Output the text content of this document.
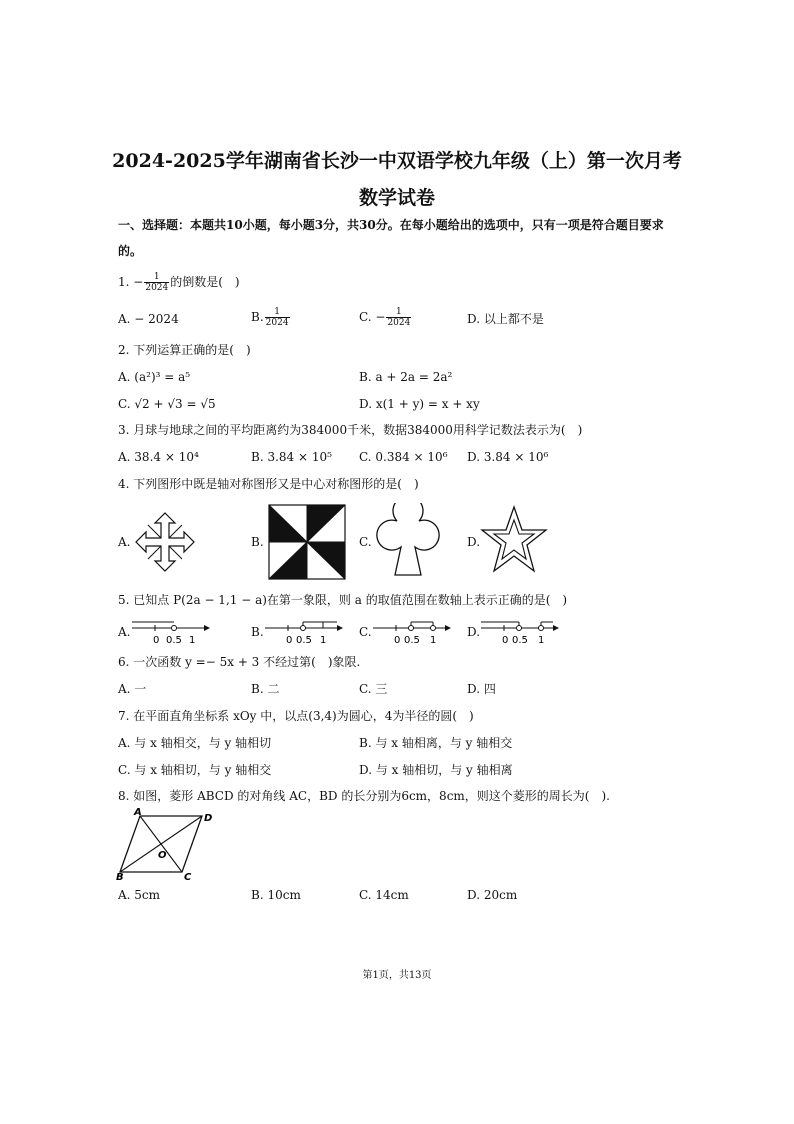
2024-2025学年湖南省长沙一中双语学校九年级（上）第一次月考
数学试卷
一、选择题：本题共10小题，每小题3分，共30分。在每小题给出的选项中，只有一项是符合题目要求
的。
1. − $\frac{1}{2024}$ 的倒数是(　)
A. − 2024	B. $\frac{1}{2024}$	C. − $\frac{1}{2024}$	D. 以上都不是
2. 下列运算正确的是(　)
A. (a²)³ = a⁵	B. a + 2a = 2a²
C. √2 + √3 = √5	D. x(1 + y) = x + xy
3. 月球与地球之间的平均距离约为384000千米，数据384000用科学记数法表示为(　)
A. 38.4 × 10⁴	B. 3.84 × 10⁵ C. 0.384 × 10⁶ D. 3.84 × 10⁶
4. 下列图形中既是轴对称图形又是中心对称图形的是(　)
A.	B.	C.	D.
5. 已知点 P(2a − 1,1 − a)在第一象限，则 a 的取值范围在数轴上表示正确的是(　)
A.
0 0.5 1
B.
0 0.5 1
C.
0 0.5 1
D.
0 0.5 1
6. 一次函数 y =− 5x + 3 不经过第(　)象限.
A. 一	B. 二	C. 三	D. 四
7. 在平面直角坐标系 xOy 中，以点(3,4)为圆心，4为半径的圆(　)
A. 与 x 轴相交，与 y 轴相切	B. 与 x 轴相离，与 y 轴相交
C. 与 x 轴相切，与 y 轴相交	D. 与 x 轴相切，与 y 轴相离
8. 如图，菱形 ABCD 的对角线 AC，BD 的长分别为6cm，8cm，则这个菱形的周长为(　).
A
D
B	C
O
A. 5cm	B. 10cm	C. 14cm	D. 20cm
第1页，共13页
